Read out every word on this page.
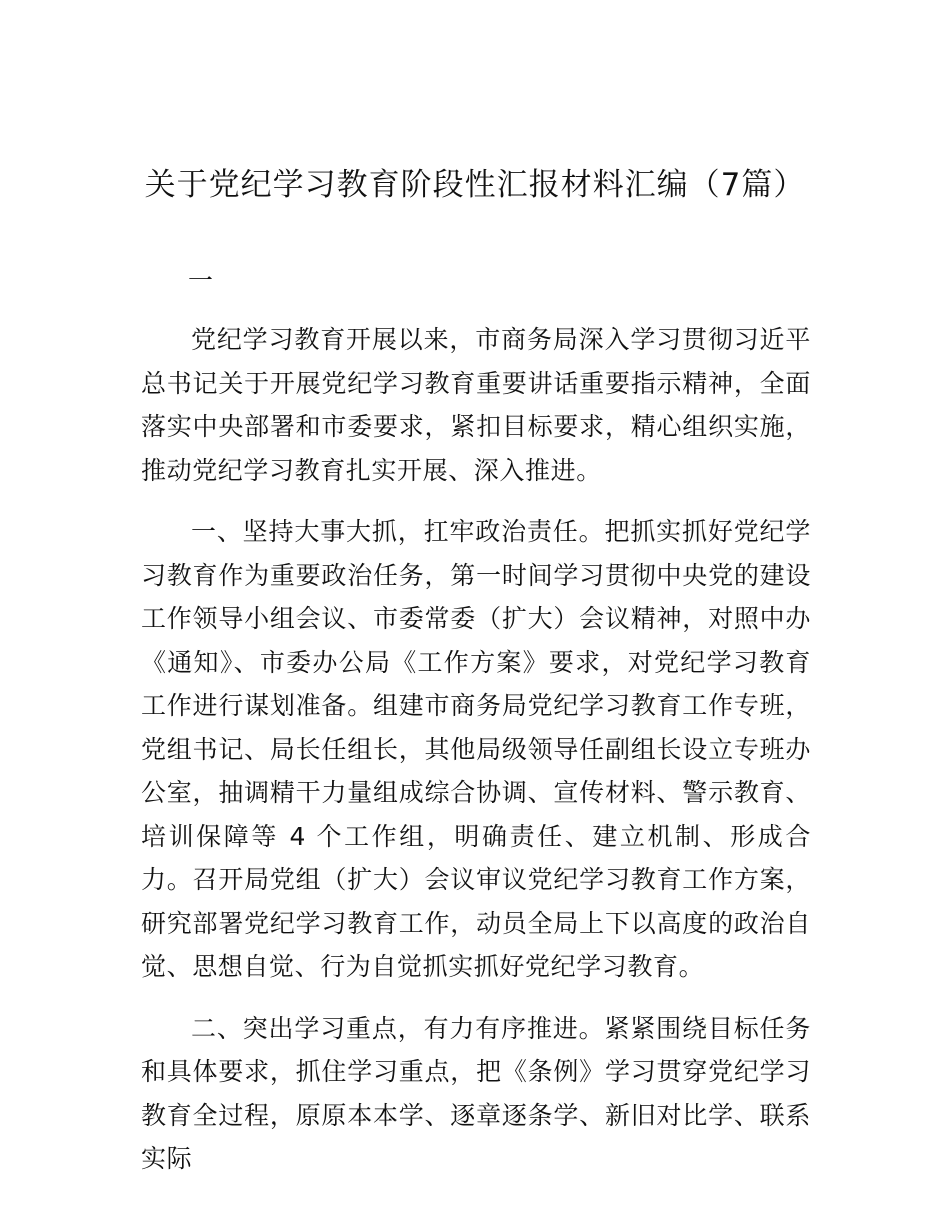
关于党纪学习教育阶段性汇报材料汇编（7篇）
一

党纪学习教育开展以来，市商务局深入学习贯彻习近平总书记关于开展党纪学习教育重要讲话重要指示精神，全面落实中央部署和市委要求，紧扣目标要求，精心组织实施，推动党纪学习教育扎实开展、深入推进。

一、坚持大事大抓，扛牢政治责任。把抓实抓好党纪学习教育作为重要政治任务，第一时间学习贯彻中央党的建设工作领导小组会议、市委常委（扩大）会议精神，对照中办《通知》、市委办公局《工作方案》要求，对党纪学习教育工作进行谋划准备。组建市商务局党纪学习教育工作专班，党组书记、局长任组长，其他局级领导任副组长设立专班办公室，抽调精干力量组成综合协调、宣传材料、警示教育、培训保障等 4 个工作组，明确责任、建立机制、形成合力。召开局党组（扩大）会议审议党纪学习教育工作方案，研究部署党纪学习教育工作，动员全局上下以高度的政治自觉、思想自觉、行为自觉抓实抓好党纪学习教育。

二、突出学习重点，有力有序推进。紧紧围绕目标任务和具体要求，抓住学习重点，把《条例》学习贯穿党纪学习教育全过程，原原本本学、逐章逐条学、新旧对比学、联系实际
